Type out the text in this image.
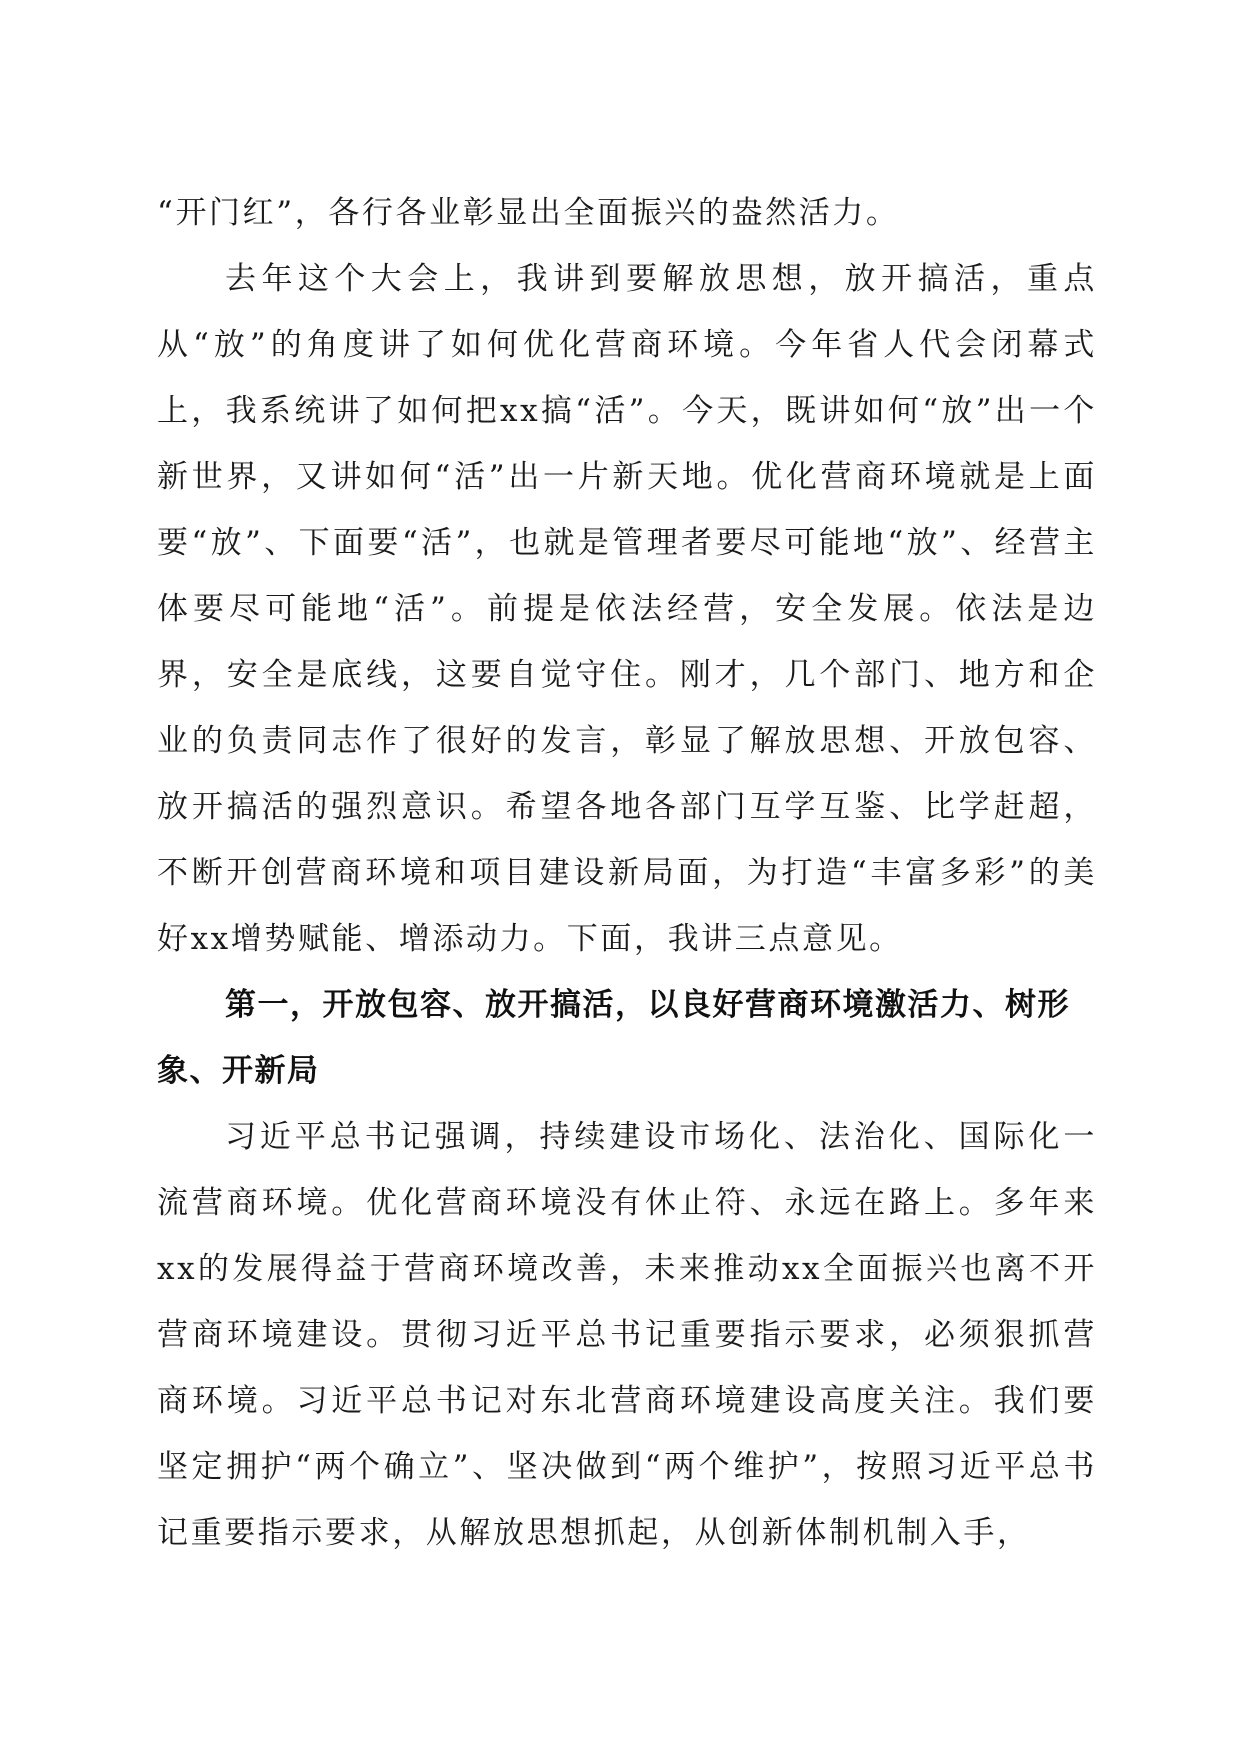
“开门红”，各行各业彰显出全面振兴的盎然活力。

去年这个大会上，我讲到要解放思想，放开搞活，重点从“放”的角度讲了如何优化营商环境。今年省人代会闭幕式上，我系统讲了如何把xx搞“活”。今天，既讲如何“放”出一个新世界，又讲如何“活”出一片新天地。优化营商环境就是上面要“放”、下面要“活”，也就是管理者要尽可能地“放”、经营主体要尽可能地“活”。前提是依法经营，安全发展。依法是边界，安全是底线，这要自觉守住。刚才，几个部门、地方和企业的负责同志作了很好的发言，彰显了解放思想、开放包容、放开搞活的强烈意识。希望各地各部门互学互鉴、比学赶超，不断开创营商环境和项目建设新局面，为打造“丰富多彩”的美好xx增势赋能、增添动力。下面，我讲三点意见。

第一，开放包容、放开搞活，以良好营商环境激活力、树形象、开新局

习近平总书记强调，持续建设市场化、法治化、国际化一流营商环境。优化营商环境没有休止符、永远在路上。多年来xx的发展得益于营商环境改善，未来推动xx全面振兴也离不开营商环境建设。贯彻习近平总书记重要指示要求，必须狠抓营商环境。习近平总书记对东北营商环境建设高度关注。我们要坚定拥护“两个确立”、坚决做到“两个维护”，按照习近平总书记重要指示要求，从解放思想抓起，从创新体制机制入手，
